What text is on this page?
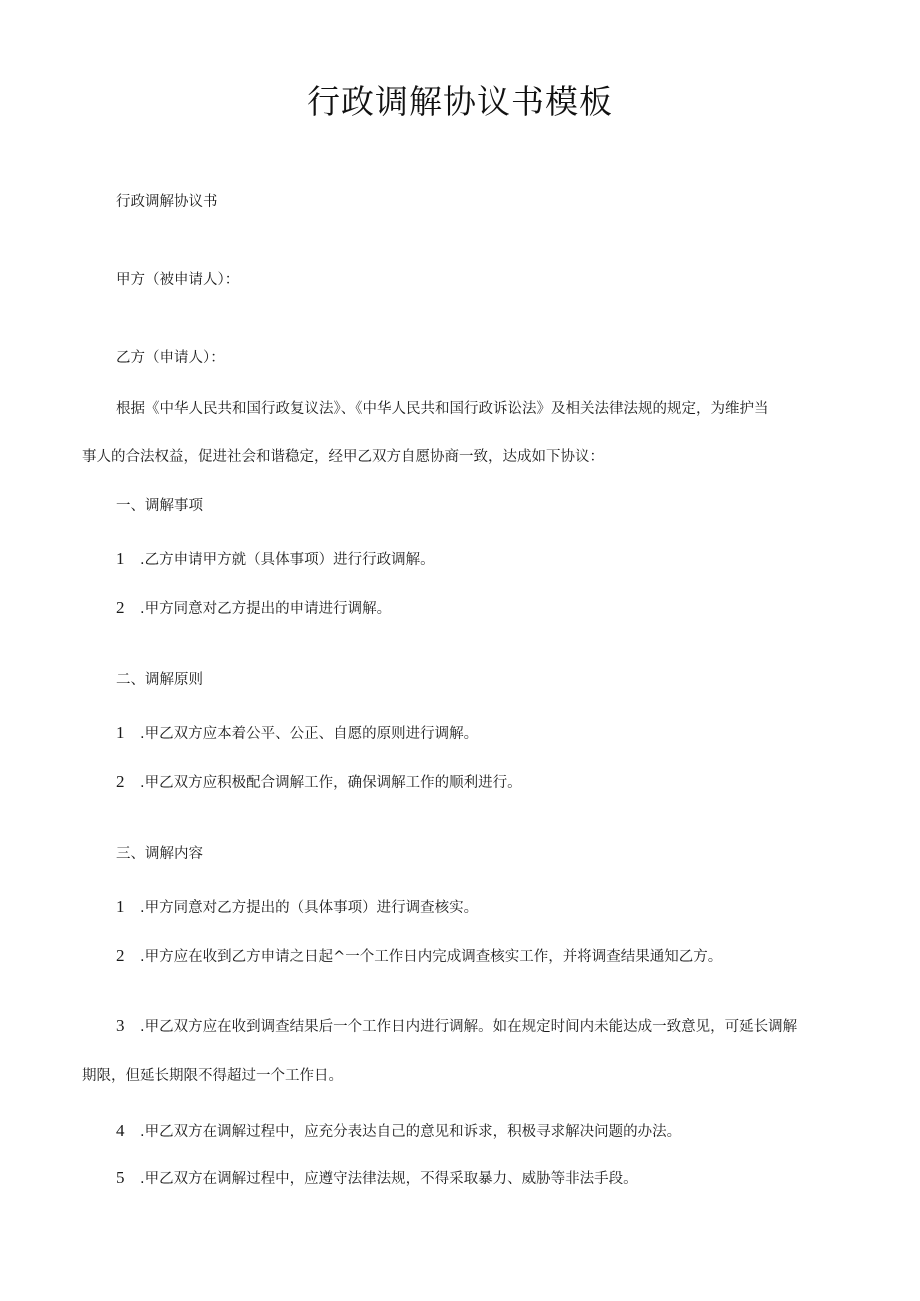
行政调解协议书模板
行政调解协议书
甲方（被申请人）：
乙方（申请人）：
根据《中华人民共和国行政复议法》、《中华人民共和国行政诉讼法》及相关法律法规的规定，为维护当
事人的合法权益，促进社会和谐稳定，经甲乙双方自愿协商一致，达成如下协议：
一、调解事项
1 .乙方申请甲方就（具体事项）进行行政调解。
2 .甲方同意对乙方提出的申请进行调解。
二、调解原则
1 .甲乙双方应本着公平、公正、自愿的原则进行调解。
2 .甲乙双方应积极配合调解工作，确保调解工作的顺利进行。
三、调解内容
1 .甲方同意对乙方提出的（具体事项）进行调查核实。
2 .甲方应在收到乙方申请之日起^一个工作日内完成调查核实工作，并将调查结果通知乙方。
3 .甲乙双方应在收到调查结果后一个工作日内进行调解。如在规定时间内未能达成一致意见，可延长调解
期限，但延长期限不得超过一个工作日。
4 .甲乙双方在调解过程中，应充分表达自己的意见和诉求，积极寻求解决问题的办法。
5 .甲乙双方在调解过程中，应遵守法律法规，不得采取暴力、威胁等非法手段。
